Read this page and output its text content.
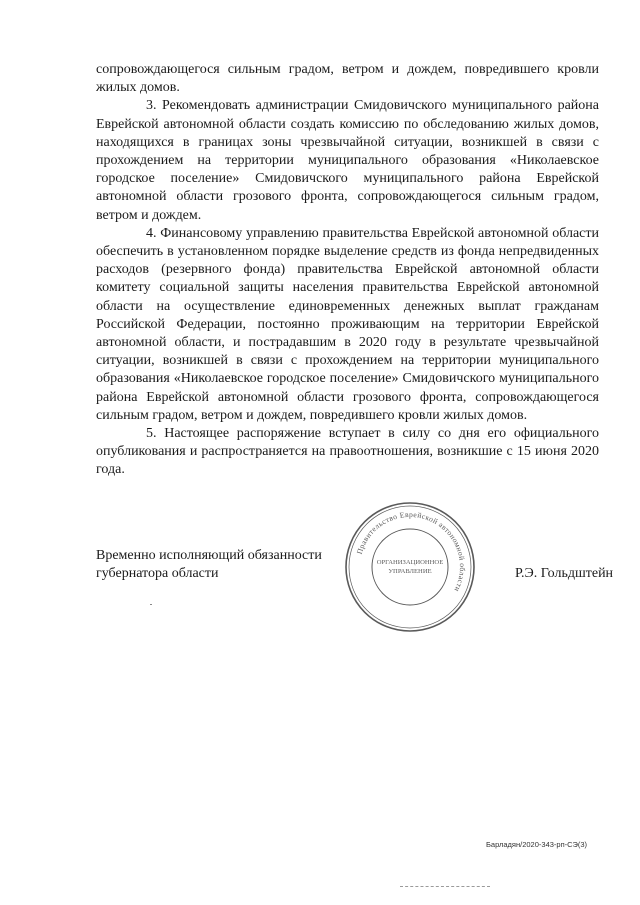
сопровождающегося сильным градом, ветром и дождем, повредившего кровли жилых домов.

3. Рекомендовать администрации Смидовичского муниципального района Еврейской автономной области создать комиссию по обследованию жилых домов, находящихся в границах зоны чрезвычайной ситуации, возникшей в связи с прохождением на территории муниципального образования «Николаевское городское поселение» Смидовичского муниципального района Еврейской автономной области грозового фронта, сопровождающегося сильным градом, ветром и дождем.

4. Финансовому управлению правительства Еврейской автономной области обеспечить в установленном порядке выделение средств из фонда непредвиденных расходов (резервного фонда) правительства Еврейской автономной области комитету социальной защиты населения правительства Еврейской автономной области на осуществление единовременных денежных выплат гражданам Российской Федерации, постоянно проживающим на территории Еврейской автономной области, и пострадавшим в 2020 году в результате чрезвычайной ситуации, возникшей в связи с прохождением на территории муниципального образования «Николаевское городское поселение» Смидовичского муниципального района Еврейской автономной области грозового фронта, сопровождающегося сильным градом, ветром и дождем, повредившего кровли жилых домов.

5. Настоящее распоряжение вступает в силу со дня его официального опубликования и распространяется на правоотношения, возникшие с 15 июня 2020 года.

Временно исполняющий обязанности
губернатора области
Правительство Еврейской автономной области
ОРГАНИЗАЦИОННОЕ
УПРАВЛЕНИЕ	Р.Э. Гольдштейн
Барладян/2020-343-рп-СЭ(3)
